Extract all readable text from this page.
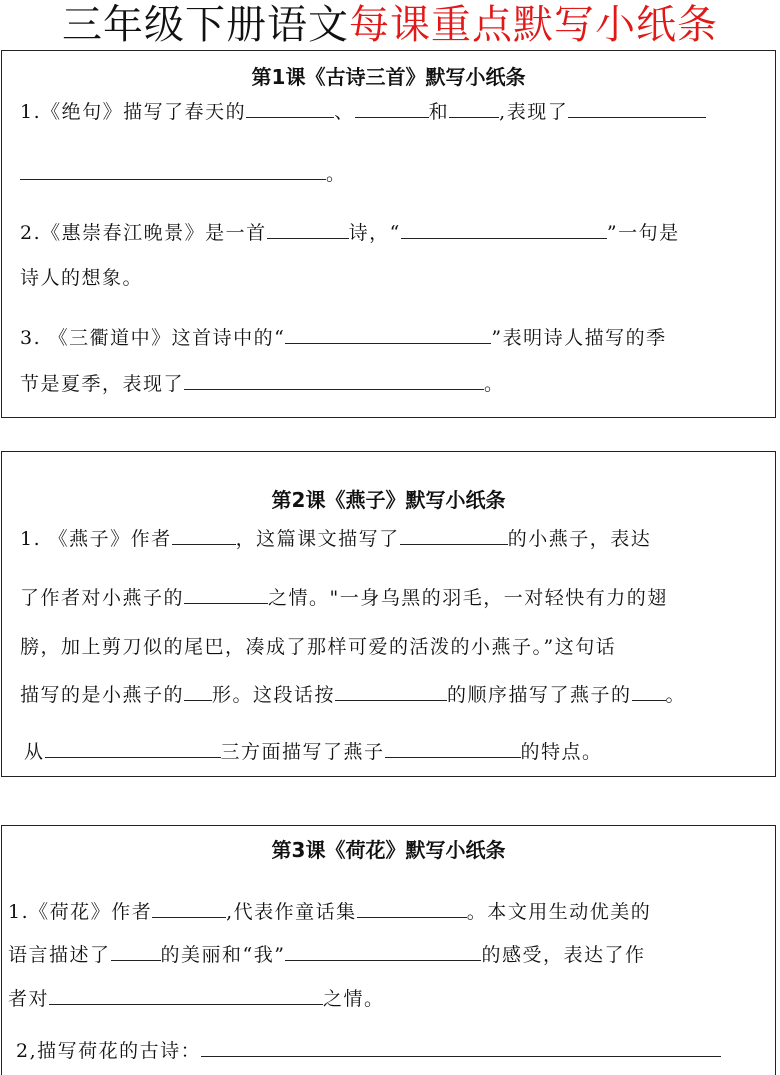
三年级下册语文每课重点默写小纸条
第1课《古诗三首》默写小纸条
1.《绝句》描写了春天的	、	和	,表现了
。
2.《惠崇春江晚景》是一首	诗，“	”一句是
诗人的想象。
3. 《三衢道中》这首诗中的“	”表明诗人描写的季
节是夏季，表现了	。
第2课《燕子》默写小纸条
1. 《燕子》作者	，这篇课文描写了	的小燕子，表达
了作者对小燕子的	之情。"一身乌黑的羽毛，一对轻快有力的翅
膀，加上剪刀似的尾巴，凑成了那样可爱的活泼的小燕子。”这句话
描写的是小燕子的 形。这段话按	的顺序描写了燕子的 。
从	三方面描写了燕子	的特点。
第3课《荷花》默写小纸条
1.《荷花》作者	,代表作童话集	。本文用生动优美的
语言描述了	的美丽和“我”	的感受，表达了作
者对	之情。
2,描写荷花的古诗：
